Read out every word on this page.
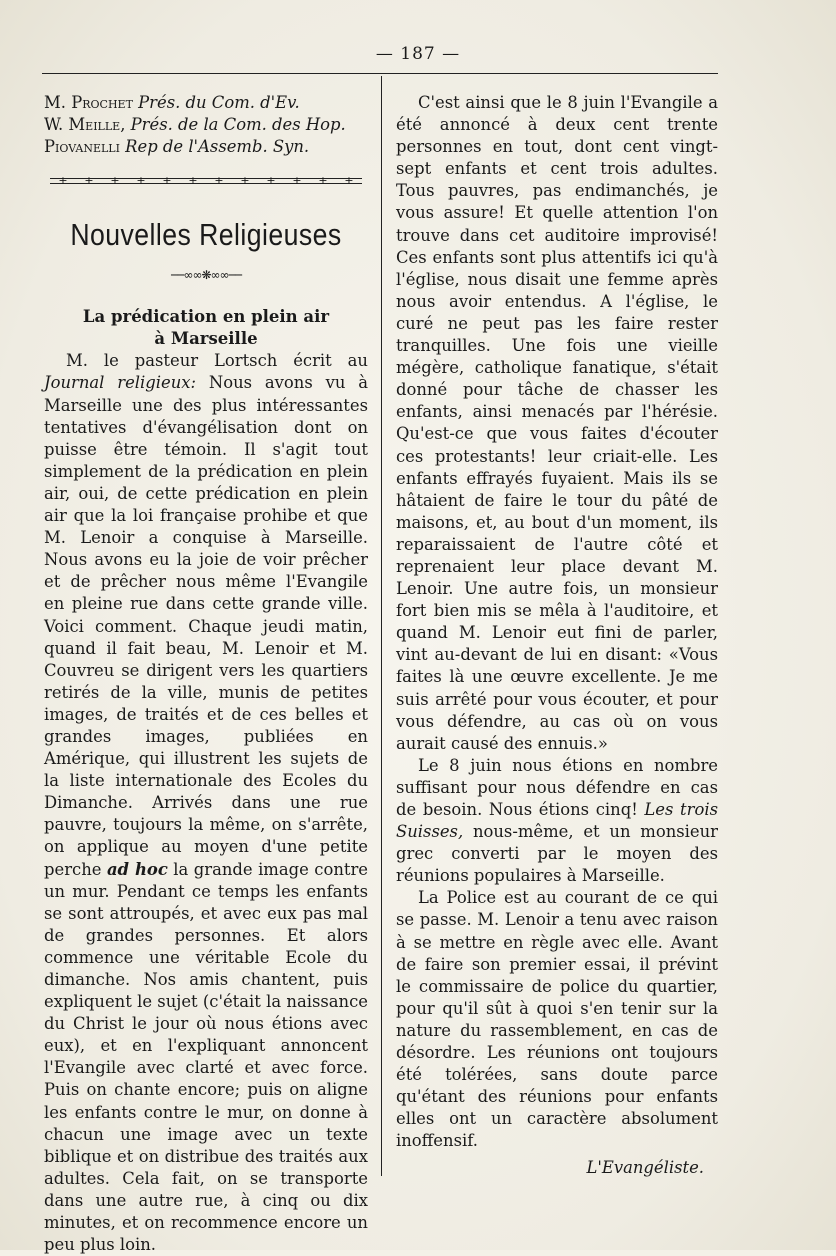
— 187 —
M. Prochet Prés. du Com. d'Ev.
W. Meille, Prés. de la Com. des Hop.
Piovanelli Rep de l'Assemb. Syn.
+ + + + + + + + + + + +
Nouvelles Religieuses
──∞∞❋∞∞──
La prédication en plein air
à Marseille

M. le pasteur Lortsch écrit au Journal religieux: Nous avons vu à Marseille une des plus intéressantes tentatives d'évangélisation dont on puisse être témoin. Il s'agit tout simplement de la prédication en plein air, oui, de cette prédication en plein air que la loi française prohibe et que M. Lenoir a conquise à Marseille. Nous avons eu la joie de voir prêcher et de prêcher nous même l'Evangile en pleine rue dans cette grande ville. Voici comment. Chaque jeudi matin, quand il fait beau, M. Lenoir et M. Couvreu se dirigent vers les quartiers retirés de la ville, munis de petites images, de traités et de ces belles et grandes images, publiées en Amérique, qui illustrent les sujets de la liste internationale des Ecoles du Dimanche. Arrivés dans une rue pauvre, toujours la même, on s'arrête, on applique au moyen d'une petite perche ad hoc la grande image contre un mur. Pendant ce temps les enfants se sont attroupés, et avec eux pas mal de grandes personnes. Et alors commence une véritable Ecole du dimanche. Nos amis chantent, puis expliquent le sujet (c'était la naissance du Christ le jour où nous étions avec eux), et en l'expliquant annoncent l'Evangile avec clarté et avec force. Puis on chante encore; puis on aligne les enfants contre le mur, on donne à chacun une image avec un texte biblique et on distribue des traités aux adultes. Cela fait, on se transporte dans une autre rue, à cinq ou dix minutes, et on recommence encore un peu plus loin.

C'est ainsi que le 8 juin l'Evangile a été annoncé à deux cent trente personnes en tout, dont cent vingt-sept enfants et cent trois adultes. Tous pauvres, pas endimanchés, je vous assure! Et quelle attention l'on trouve dans cet auditoire improvisé! Ces enfants sont plus attentifs ici qu'à l'église, nous disait une femme après nous avoir entendus. A l'église, le curé ne peut pas les faire rester tranquilles. Une fois une vieille mégère, catholique fanatique, s'était donné pour tâche de chasser les enfants, ainsi menacés par l'hérésie. Qu'est-ce que vous faites d'écouter ces protestants! leur criait-elle. Les enfants effrayés fuyaient. Mais ils se hâtaient de faire le tour du pâté de maisons, et, au bout d'un moment, ils reparaissaient de l'autre côté et reprenaient leur place devant M. Lenoir. Une autre fois, un monsieur fort bien mis se mêla à l'auditoire, et quand M. Lenoir eut fini de parler, vint au-devant de lui en disant: «Vous faites là une œuvre excellente. Je me suis arrêté pour vous écouter, et pour vous défendre, au cas où on vous aurait causé des ennuis.»

Le 8 juin nous étions en nombre suffisant pour nous défendre en cas de besoin. Nous étions cinq! Les trois Suisses, nous-même, et un monsieur grec converti par le moyen des réunions populaires à Marseille.

La Police est au courant de ce qui se passe. M. Lenoir a tenu avec raison à se mettre en règle avec elle. Avant de faire son premier essai, il prévint le commissaire de police du quartier, pour qu'il sût à quoi s'en tenir sur la nature du rassemblement, en cas de désordre. Les réunions ont toujours été tolérées, sans doute parce qu'étant des réunions pour enfants elles ont un caractère absolument inoffensif.

L'Evangéliste.
